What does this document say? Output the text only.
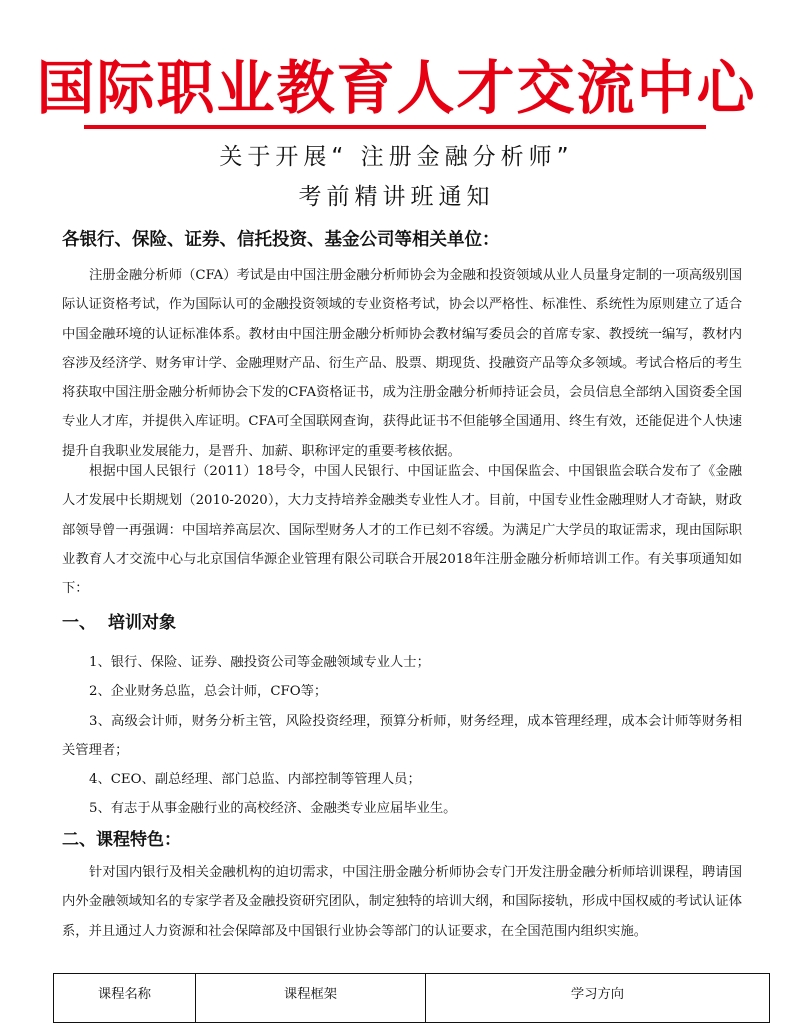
国际职业教育人才交流中心
关于开展“ 注册金融分析师”
考前精讲班通知
各银行、保险、证券、信托投资、基金公司等相关单位：

注册金融分析师（CFA）考试是由中国注册金融分析师协会为金融和投资领域从业人员量身定制的一项高级别国际认证资格考试，作为国际认可的金融投资领域的专业资格考试，协会以严格性、标准性、系统性为原则建立了适合中国金融环境的认证标准体系。教材由中国注册金融分析师协会教材编写委员会的首席专家、教授统一编写，教材内容涉及经济学、财务审计学、金融理财产品、衍生产品、股票、期现货、投融资产品等众多领域。考试合格后的考生将获取中国注册金融分析师协会下发的CFA资格证书，成为注册金融分析师持证会员，会员信息全部纳入国资委全国专业人才库，并提供入库证明。CFA可全国联网查询，获得此证书不但能够全国通用、终生有效，还能促进个人快速提升自我职业发展能力，是晋升、加薪、职称评定的重要考核依据。

根据中国人民银行（2011）18号令，中国人民银行、中国证监会、中国保监会、中国银监会联合发布了《金融人才发展中长期规划（2010-2020），大力支持培养金融类专业性人才。目前，中国专业性金融理财人才奇缺，财政部领导曾一再强调：中国培养高层次、国际型财务人才的工作已刻不容缓。为满足广大学员的取证需求，现由国际职业教育人才交流中心与北京国信华源企业管理有限公司联合开展2018年注册金融分析师培训工作。有关事项通知如下：

一、 培训对象
1、银行、保险、证券、融投资公司等金融领域专业人士；
2、企业财务总监，总会计师，CFO等；
3、高级会计师，财务分析主管，风险投资经理，预算分析师，财务经理，成本管理经理，成本会计师等财务相关管理者；
4、CEO、副总经理、部门总监、内部控制等管理人员；
5、有志于从事金融行业的高校经济、金融类专业应届毕业生。
二、课程特色：

针对国内银行及相关金融机构的迫切需求，中国注册金融分析师协会专门开发注册金融分析师培训课程，聘请国内外金融领域知名的专家学者及金融投资研究团队，制定独特的培训大纲，和国际接轨，形成中国权威的考试认证体系，并且通过人力资源和社会保障部及中国银行业协会等部门的认证要求，在全国范围内组织实施。

课程名称	课程框架	学习方向
